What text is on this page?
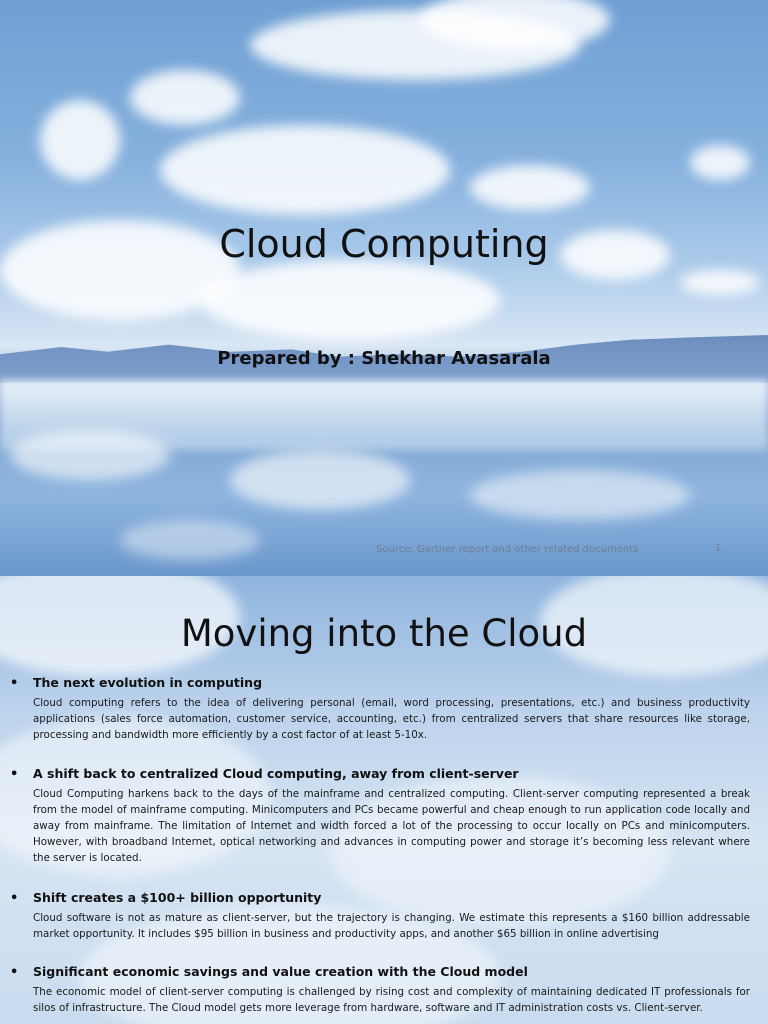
Cloud Computing
Prepared by : Shekhar Avasarala
Source: Gartner report and other related documents	1
Moving into the Cloud
•	The next evolution in computing
Cloud computing refers to the idea of delivering personal (email, word processing, presentations, etc.) and business productivity applications (sales force automation, customer service, accounting, etc.) from centralized servers that share resources like storage, processing and bandwidth more efficiently by a cost factor of at least 5-10x.
•	A shift back to centralized Cloud computing, away from client-server
Cloud Computing harkens back to the days of the mainframe and centralized computing. Client-server computing represented a break from the model of mainframe computing. Minicomputers and PCs became powerful and cheap enough to run application code locally and away from mainframe. The limitation of Internet and width forced a lot of the processing to occur locally on PCs and minicomputers. However, with broadband Internet, optical networking and advances in computing power and storage it’s becoming less relevant where the server is located.
•	Shift creates a $100+ billion opportunity
Cloud software is not as mature as client-server, but the trajectory is changing. We estimate this represents a $160 billion addressable market opportunity. It includes $95 billion in business and productivity apps, and another $65 billion in online advertising
•	Significant economic savings and value creation with the Cloud model
The economic model of client-server computing is challenged by rising cost and complexity of maintaining dedicated IT professionals for silos of infrastructure. The Cloud model gets more leverage from hardware, software and IT administration costs vs. Client-server.
